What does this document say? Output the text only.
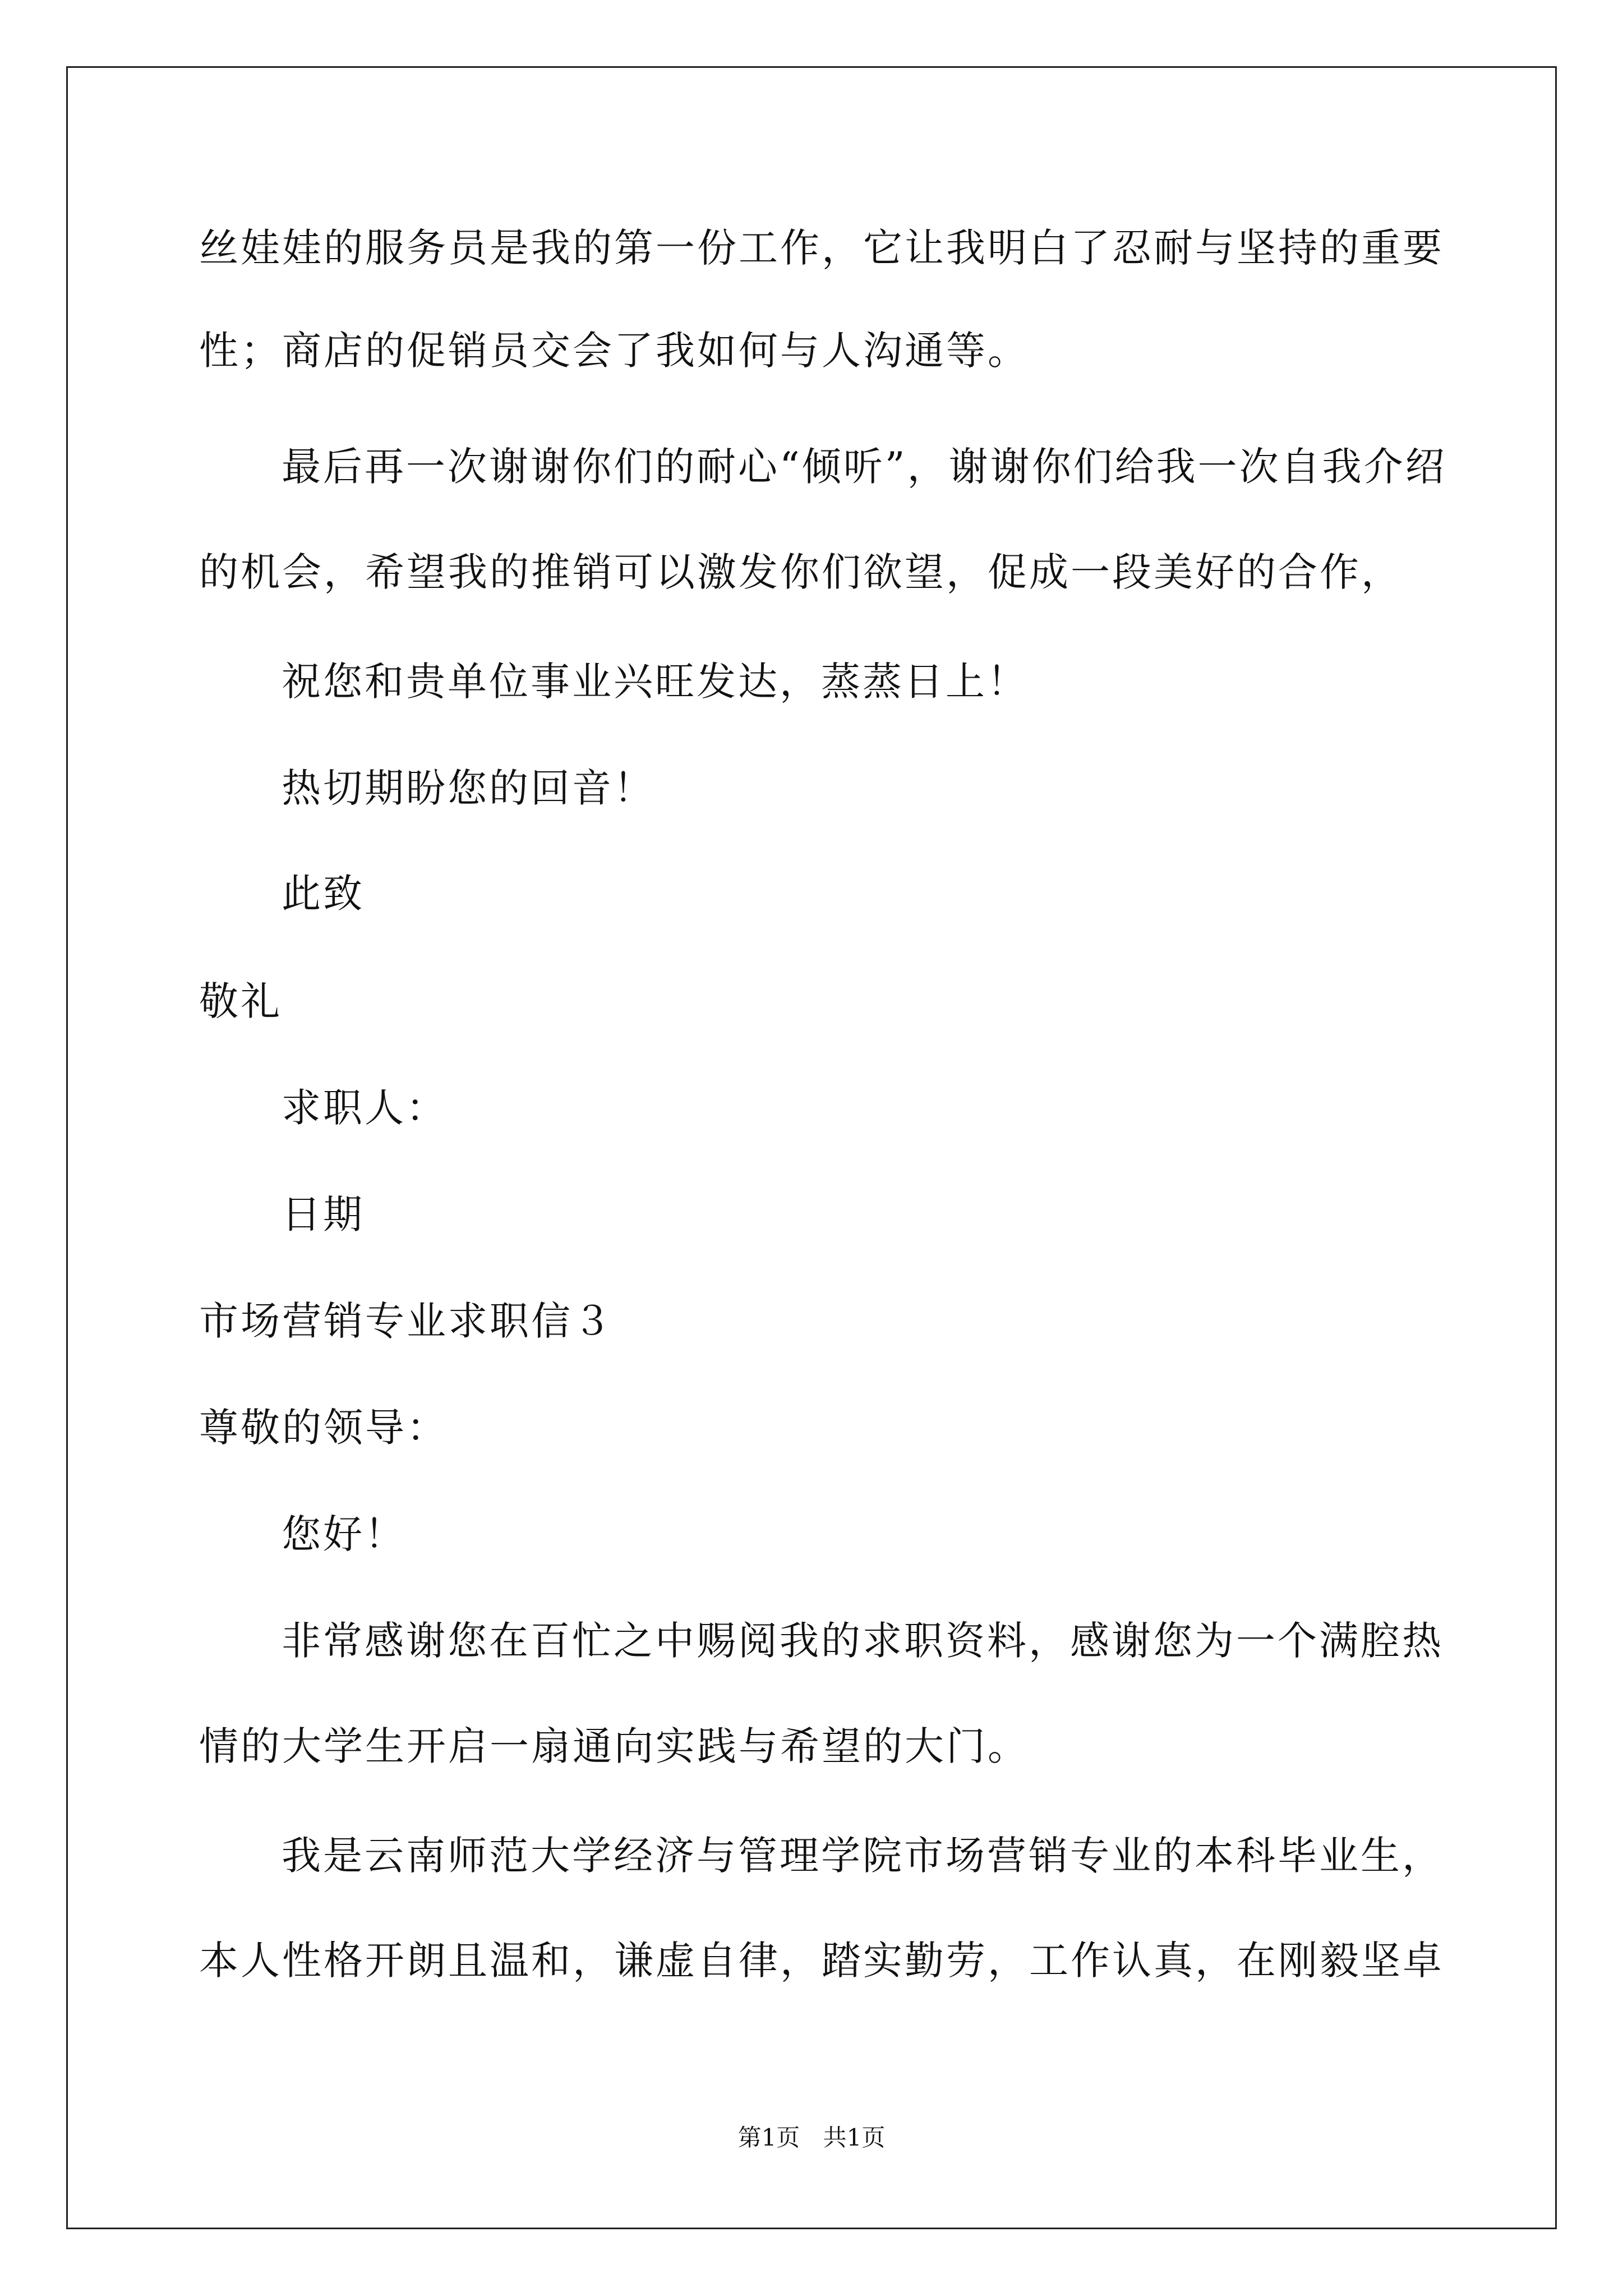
丝娃娃的服务员是我的第一份工作，它让我明白了忍耐与坚持的重要
性；商店的促销员交会了我如何与人沟通等。
最后再一次谢谢你们的耐心“倾听”，谢谢你们给我一次自我介绍
的机会，希望我的推销可以激发你们欲望，促成一段美好的合作，
祝您和贵单位事业兴旺发达，蒸蒸日上！
热切期盼您的回音！
此致
敬礼
求职人：
日期
市场营销专业求职信３
尊敬的领导：
您好！
非常感谢您在百忙之中赐阅我的求职资料，感谢您为一个满腔热
情的大学生开启一扇通向实践与希望的大门。
我是云南师范大学经济与管理学院市场营销专业的本科毕业生，
本人性格开朗且温和，谦虚自律，踏实勤劳，工作认真，在刚毅坚卓
第1页 共1页
